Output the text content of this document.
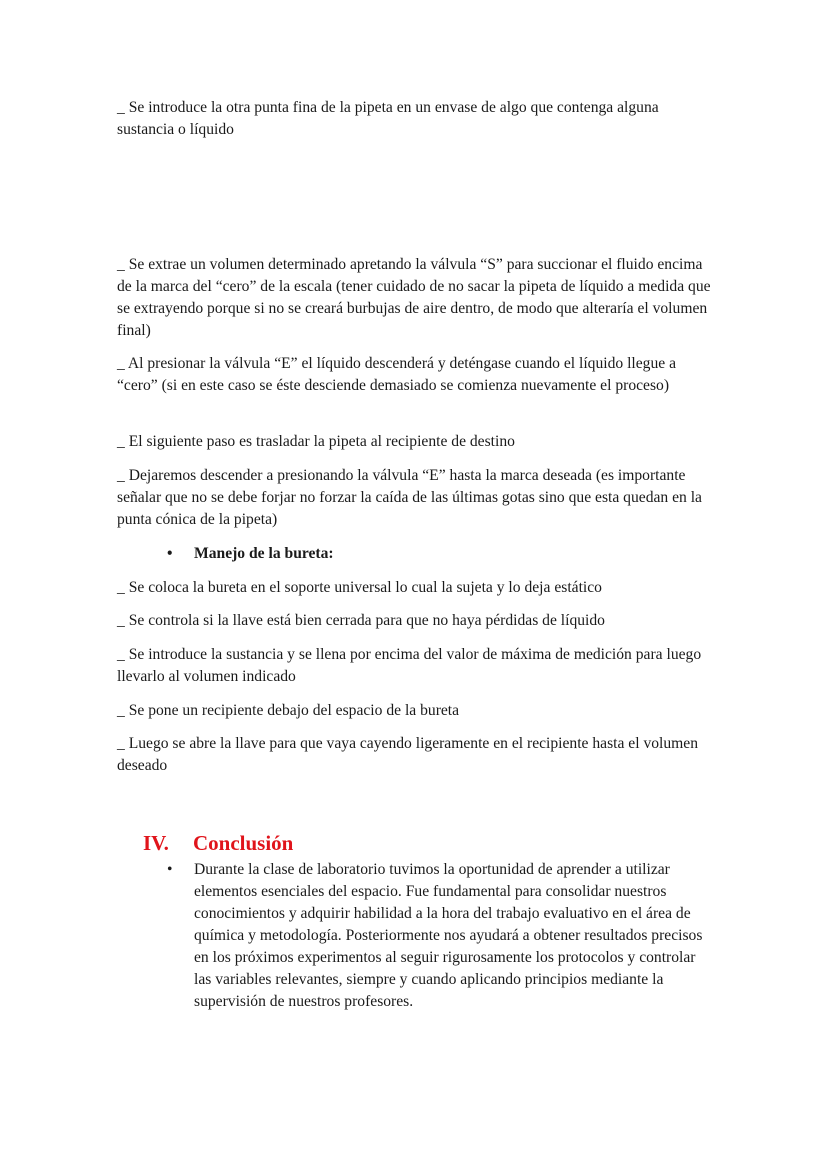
_ Se introduce la otra punta fina de la pipeta en un envase de algo que contenga alguna sustancia o líquido

_ Se extrae un volumen determinado apretando la válvula “S” para succionar el fluido encima de la marca del “cero” de la escala (tener cuidado de no sacar la pipeta de líquido a medida que se extrayendo porque si no se creará burbujas de aire dentro, de modo que alteraría el volumen final)

_ Al presionar la válvula “E” el líquido descenderá y deténgase cuando el líquido llegue a “cero” (si en este caso se éste desciende demasiado se comienza nuevamente el proceso)

_ El siguiente paso es trasladar la pipeta al recipiente de destino

_ Dejaremos descender a presionando la válvula “E” hasta la marca deseada (es importante señalar que no se debe forjar no forzar la caída de las últimas gotas sino que esta quedan en la punta cónica de la pipeta)

• Manejo de la bureta:

_ Se coloca la bureta en el soporte universal lo cual la sujeta y lo deja estático

_ Se controla si la llave está bien cerrada para que no haya pérdidas de líquido

_ Se introduce la sustancia y se llena por encima del valor de máxima de medición para luego llevarlo al volumen indicado

_ Se pone un recipiente debajo del espacio de la bureta

_ Luego se abre la llave para que vaya cayendo ligeramente en el recipiente hasta el volumen deseado

IV. Conclusión
• Durante la clase de laboratorio tuvimos la oportunidad de aprender a utilizar elementos esenciales del espacio. Fue fundamental para consolidar nuestros conocimientos y adquirir habilidad a la hora del trabajo evaluativo en el área de química y metodología. Posteriormente nos ayudará a obtener resultados precisos en los próximos experimentos al seguir rigurosamente los protocolos y controlar las variables relevantes, siempre y cuando aplicando principios mediante la supervisión de nuestros profesores.
